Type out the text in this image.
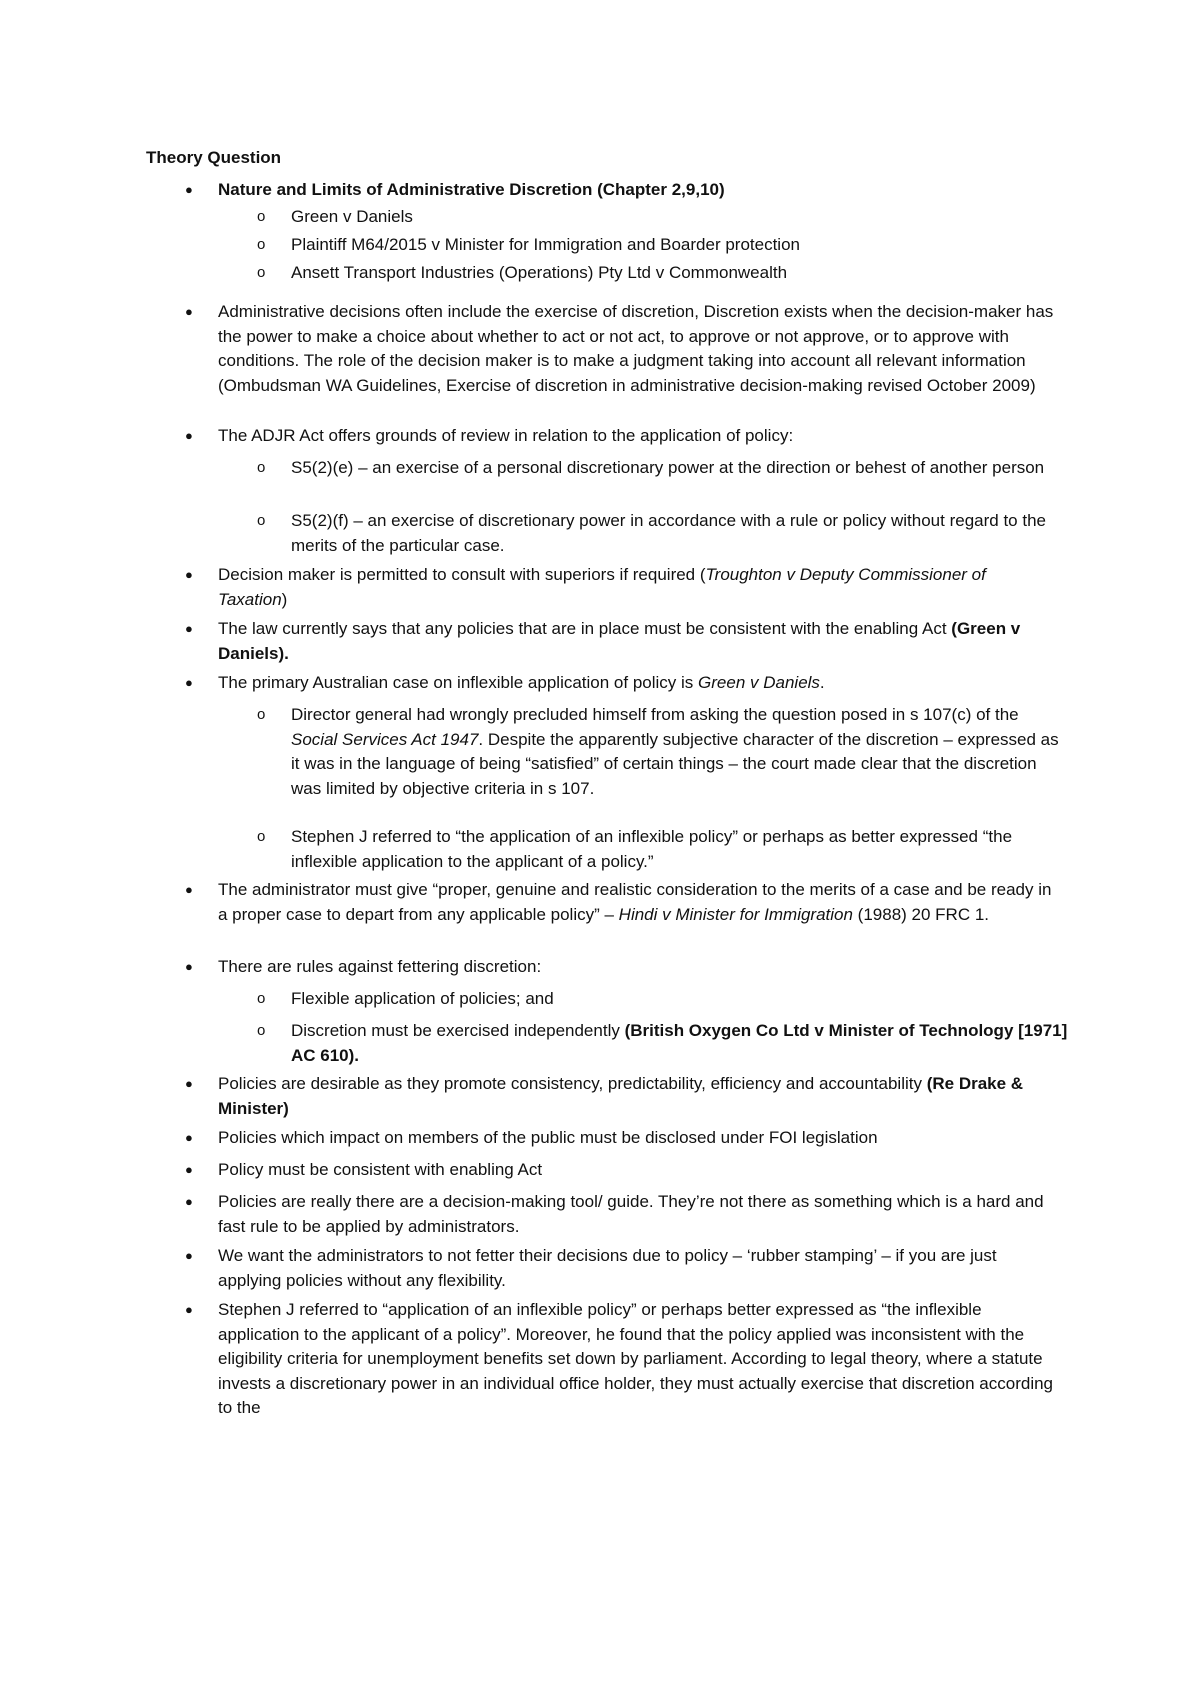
Theory Question
● Nature and Limits of Administrative Discretion (Chapter 2,9,10)
o Green v Daniels
o Plaintiff M64/2015 v Minister for Immigration and Boarder protection
o Ansett Transport Industries (Operations) Pty Ltd v Commonwealth
● Administrative decisions often include the exercise of discretion, Discretion exists when the decision-maker has the power to make a choice about whether to act or not act, to approve or not approve, or to approve with conditions. The role of the decision maker is to make a judgment taking into account all relevant information (Ombudsman WA Guidelines, Exercise of discretion in administrative decision-making revised October 2009)
● The ADJR Act offers grounds of review in relation to the application of policy:
o S5(2)(e) – an exercise of a personal discretionary power at the direction or behest of another person
o S5(2)(f) – an exercise of discretionary power in accordance with a rule or policy without regard to the merits of the particular case.
● Decision maker is permitted to consult with superiors if required (Troughton v Deputy Commissioner of Taxation)
● The law currently says that any policies that are in place must be consistent with the enabling Act (Green v Daniels).
● The primary Australian case on inflexible application of policy is Green v Daniels.
o Director general had wrongly precluded himself from asking the question posed in s 107(c) of the Social Services Act 1947. Despite the apparently subjective character of the discretion – expressed as it was in the language of being “satisfied” of certain things – the court made clear that the discretion was limited by objective criteria in s 107.
o Stephen J referred to “the application of an inflexible policy” or perhaps as better expressed “the inflexible application to the applicant of a policy.”
● The administrator must give “proper, genuine and realistic consideration to the merits of a case and be ready in a proper case to depart from any applicable policy” – Hindi v Minister for Immigration (1988) 20 FRC 1.
● There are rules against fettering discretion:
o Flexible application of policies; and
o Discretion must be exercised independently (British Oxygen Co Ltd v Minister of Technology [1971] AC 610).
● Policies are desirable as they promote consistency, predictability, efficiency and accountability (Re Drake & Minister)
● Policies which impact on members of the public must be disclosed under FOI legislation
● Policy must be consistent with enabling Act
● Policies are really there are a decision-making tool/ guide. They’re not there as something which is a hard and fast rule to be applied by administrators.
● We want the administrators to not fetter their decisions due to policy – ‘rubber stamping’ – if you are just applying policies without any flexibility.
● Stephen J referred to “application of an inflexible policy” or perhaps better expressed as “the inflexible application to the applicant of a policy”. Moreover, he found that the policy applied was inconsistent with the eligibility criteria for unemployment benefits set down by parliament. According to legal theory, where a statute invests a discretionary power in an individual office holder, they must actually exercise that discretion according to the
